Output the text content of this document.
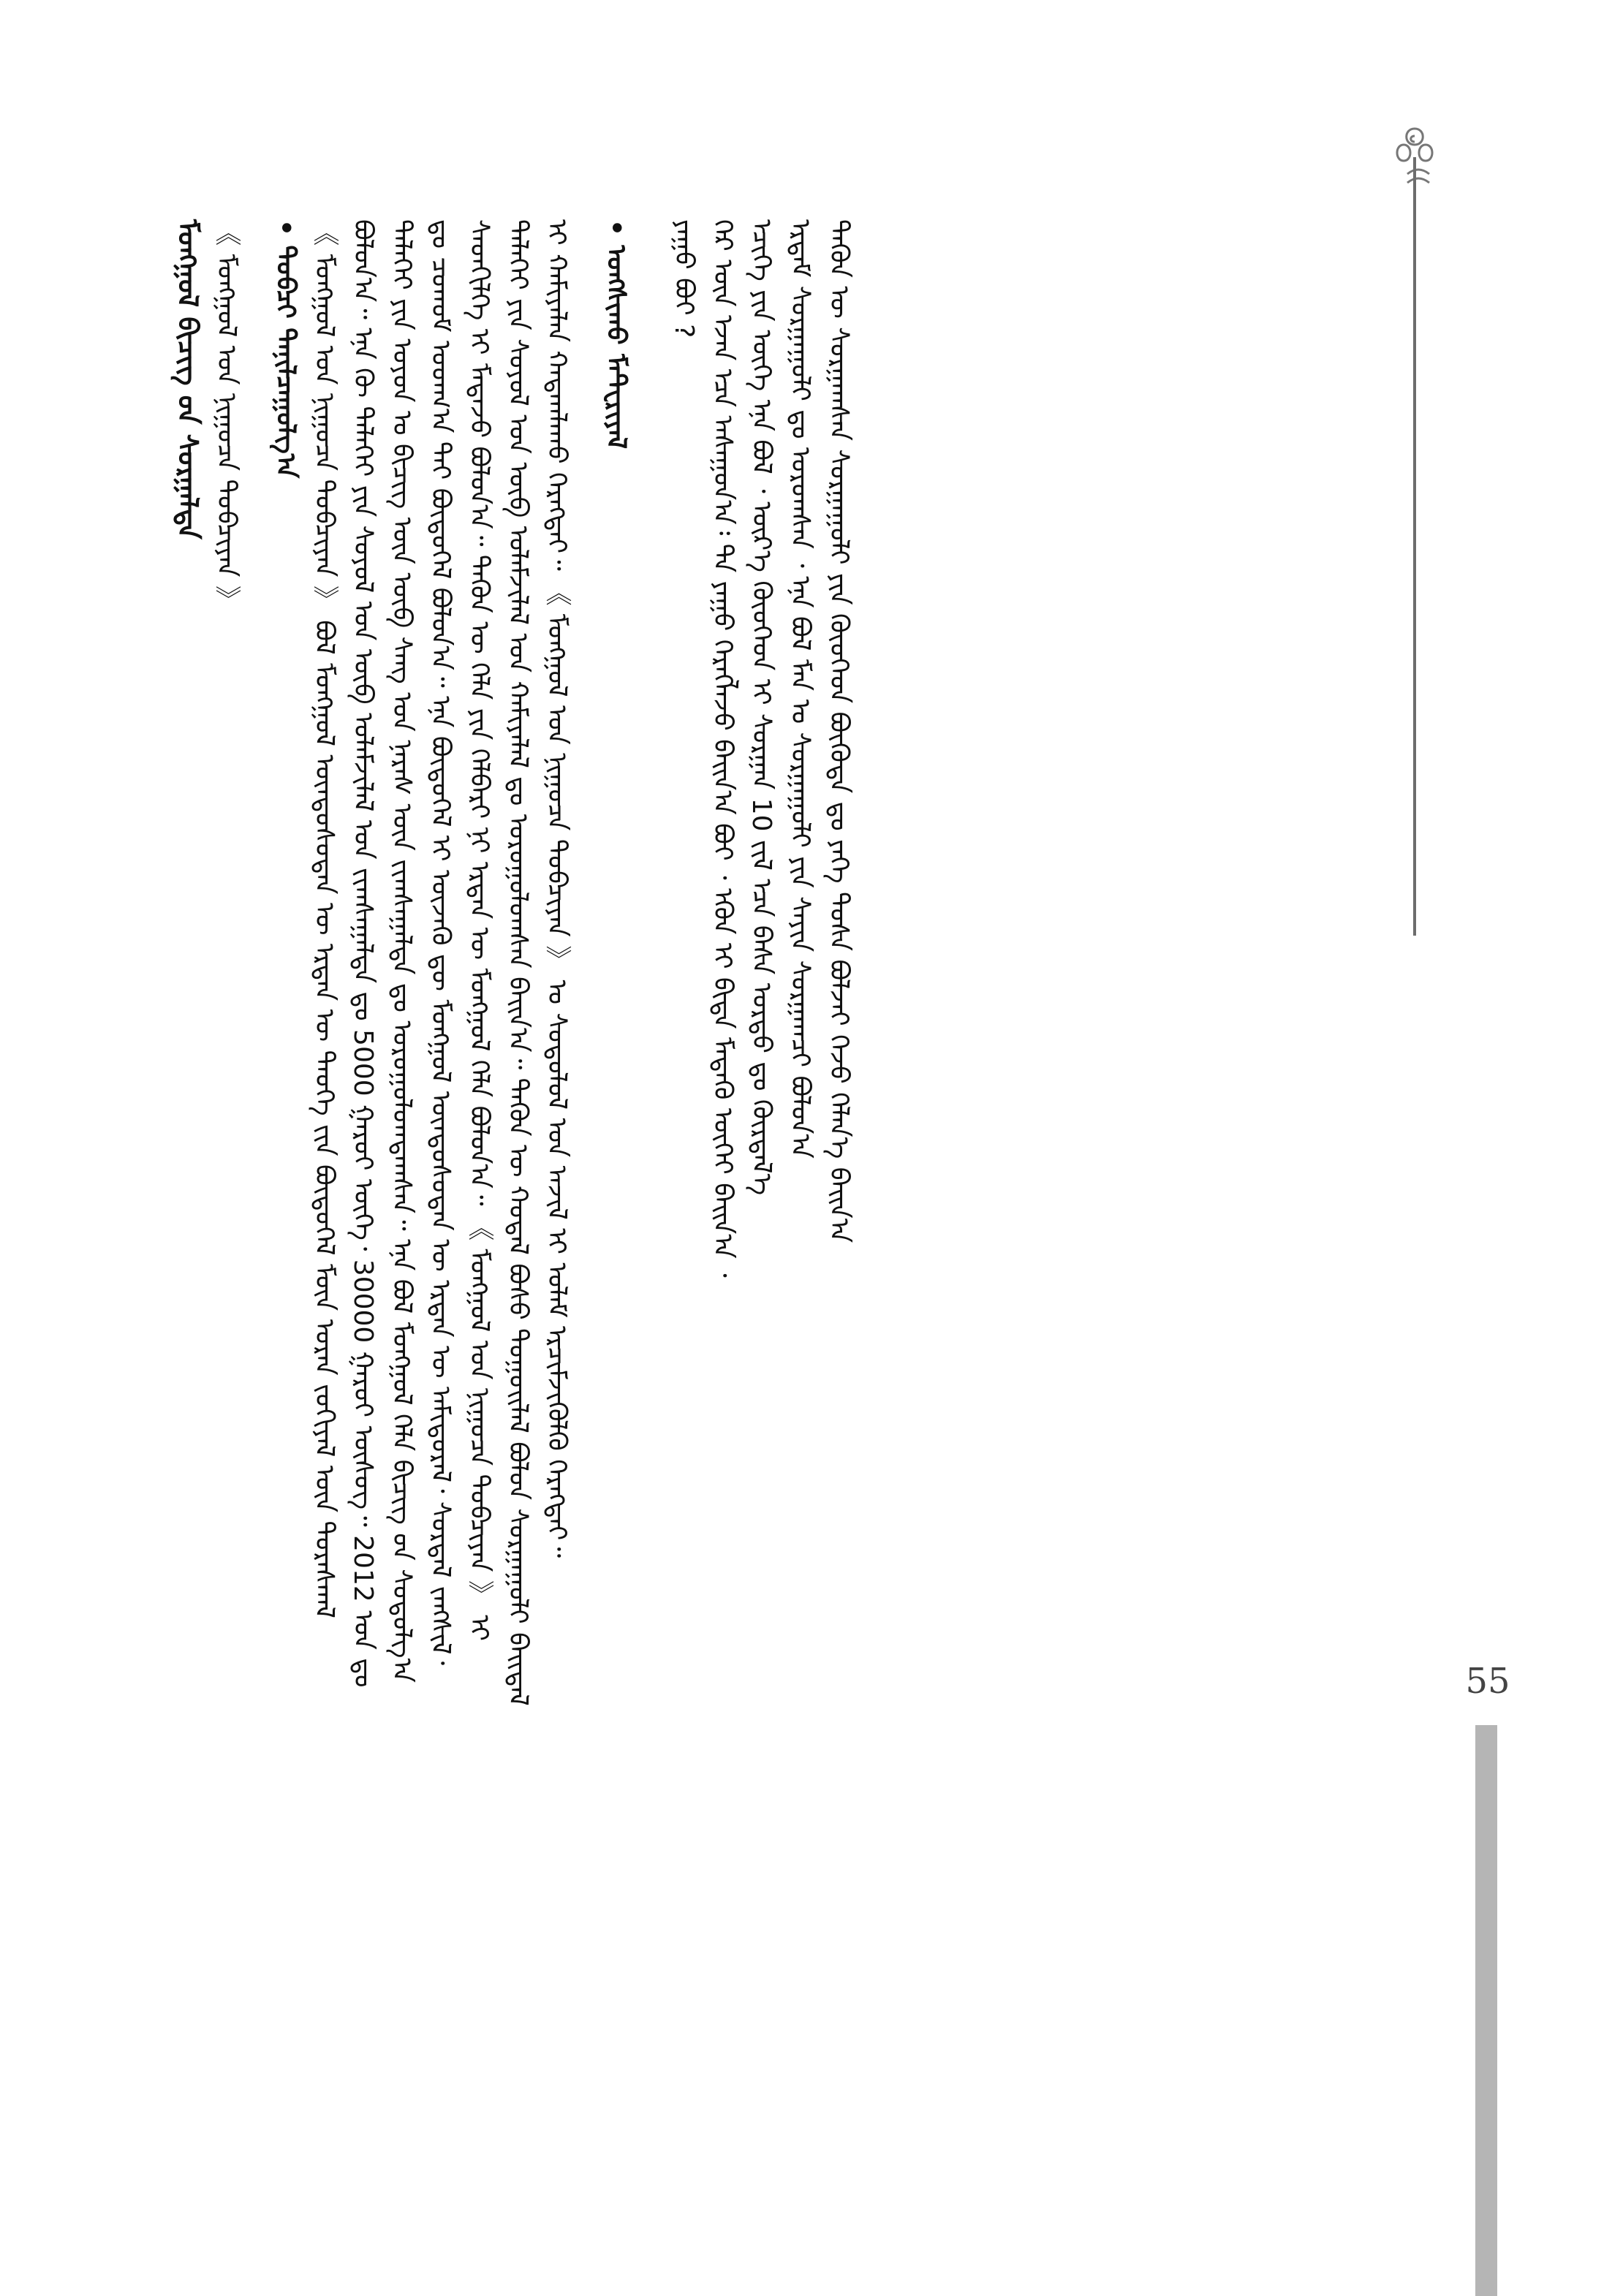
ᠮᠣᠩᠭᠣᠯ ᠪᠢᠴᠢᠭ᠌ ᠤ᠋ᠨ ᠰᠤᠷᠭᠠᠯᠲᠠ 《 ᠮᠣᠩᠭᠣᠯ ᠤᠨ ᠨᠢᠭᠤᠴᠠ ᠲᠣᠪᠴᠢᠶᠠᠨ 》 • ᠲᠣᠪᠴᠢ ᠲᠠᠨᠢᠯᠴᠠᠭᠤᠯᠭ᠎ᠠ 《 ᠮᠣᠩᠭᠣᠯ ᠤᠨ ᠨᠢᠭᠤᠴᠠ ᠲᠣᠪᠴᠢᠶᠠᠨ 》 ᠪᠣᠯ ᠮᠣᠩᠭᠣᠯ ᠦᠨᠳᠦᠰᠦᠲᠡᠨ ᠦ ᠡᠷᠲᠡᠨ ᠦ ᠲᠡᠦᠬᠡ ᠵᠢᠨ ᠪᠦᠲᠦᠭᠡᠯ ᠮᠥᠨ ᠤᠷᠠᠨ ᠵᠣᠬᠢᠶᠠᠯ ᠦᠨ ᠳᠤᠷᠠᠰᠬᠠᠯ ᠪᠣᠯᠤᠨ᠎ᠠ᠃ ᠡᠨᠡ ᠬᠦ ᠳᠡᠯᠡᠬᠡᠢ ᠶᠢᠨ ᠰᠣᠶᠣᠯ ᠤᠨ ᠥᠪ ᠤᠯᠠᠮᠵᠢᠯᠠᠯ ᠤᠨ ᠵᠢᠭᠰᠠᠭᠠᠯᠲᠠ ᠳᠤ 5000 ᠭᠠᠷᠤᠢ ᠦᠭᠡ᠂ 30000 ᠭᠠᠷᠤᠢ ᠦᠰᠦᠭ᠃ 2012 ᠣᠨ ᠳᠤ ᠳᠡᠯᠡᠬᠡᠢ ᠶᠢᠨ ᠣᠶᠤᠨ ᠤ ᠪᠢᠴᠢᠭ ᠦᠨ ᠦᠪ ᠰᠠᠩ ᠤᠨ ᠨᠡᠷᠡᠰ ᠦᠨ ᠵᠢᠭᠰᠠᠭᠠᠯᠲᠠ ᠳᠤ ᠣᠷᠤᠭᠤᠯᠤᠭᠳᠠᠭᠰᠠᠨ᠃ ᠡᠨᠡ ᠪᠣᠯ ᠮᠣᠩᠭᠣᠯ ᠬᠡᠯᠡ ᠪᠢᠴᠢᠭ᠌ ᠤ᠋ᠨ ᠰᠤᠳᠤᠯᠭ᠎ᠠ ᠳᠤ ᠴᠤᠬᠤᠮ ᠤᠳᠬ᠎ᠠ ᠲᠠᠢ ᠪᠦᠲᠦᠭᠡᠯ ᠪᠣᠯᠤᠨ᠎ᠠ᠃ ᠡᠨᠡ ᠪᠦᠲᠦᠭᠡᠯ ᠢ ᠦᠵᠡᠬᠦ ᠳᠦ ᠮᠣᠩᠭᠣᠯ ᠦᠨᠳᠦᠰᠦᠲᠡᠨ ᠦ ᠡᠷᠲᠡᠨ ᠦ ᠠᠮᠢᠳᠤᠷᠠᠯ᠂ ᠰᠤᠷᠲᠠᠯ ᠵᠠᠩᠱᠢᠯ᠂ ᠰᠡᠳᠬᠢᠯᠭᠡ ᠢ ᠮᠡᠳᠡᠵᠦ ᠪᠣᠯᠤᠨ᠎ᠠ᠃ ᠲᠡᠭᠦᠨ ᠦ ᠬᠡᠯᠡ ᠶᠢᠨ ᠬᠡᠯᠪᠡᠷᠢ ᠨᠢ ᠡᠷᠲᠡᠨ ᠦ ᠮᠣᠩᠭᠣᠯ ᠬᠡᠯᠡ ᠪᠣᠯᠤᠨ᠎ᠠ᠃ 《 ᠮᠣᠩᠭᠣᠯ ᠤᠨ ᠨᠢᠭᠤᠴᠠ ᠲᠣᠪᠴᠢᠶᠠᠨ 》 ᠢ ᠳᠡᠯᠡᠬᠡᠢ ᠶᠢᠨ ᠰᠣᠶᠣᠯ ᠤᠨ ᠥᠪ ᠤᠯᠠᠮᠵᠢᠯᠠᠯ ᠤᠨ ᠬᠠᠮᠢᠶᠠᠯᠠᠯ ᠳᠤ ᠣᠷᠤᠭᠤᠯᠤᠭᠰᠠᠨ ᠪᠠᠢᠨ᠎ᠠ᠃ ᠲᠡᠭᠦᠨ ᠦ ᠬᠤᠳᠠᠯ ᠪᠤᠰᠤ ᠳᠤᠭᠤᠢᠯᠠᠯ ᠪᠣᠯᠤᠨ ᠰᠤᠷᠭᠠᠭᠤᠯᠢ ᠪᠠᠢᠳᠠᠯ ᠢ ᠬᠠᠮᠢᠶᠠᠯᠠᠨ ᠬᠠᠳᠠᠭᠯᠠᠬᠤ ᠬᠡᠷᠡᠭᠲᠡᠢ᠃ 《 ᠮᠣᠩᠭᠣᠯ ᠤᠨ ᠨᠢᠭᠤᠴᠠ ᠲᠣᠪᠴᠢᠶᠠᠨ 》 ᠤ ᠰᠣᠳᠤᠯᠤᠯ ᠤᠨ ᠠᠵᠢᠯ ᠢ ᠤᠯᠠᠮ ᠡᠷᠴᠢᠮᠵᠢᠭᠦᠯᠬᠦ ᠬᠡᠷᠡᠭᠲᠡᠢ᠃ • ᠤᠩᠰᠢᠬᠤ ᠮᠠᠲ᠋ᠧᠷᠢᠶᠠᠯ ᠶᠠᠭᠤ ᠪᠤᠢ ? ᠭᠡᠷ ᠦᠨ ᠡᠵᠡᠨ ᠡᠴᠡ ᠠᠰᠠᠭᠤᠨ᠎ᠠ᠄ ᠲᠠ ᠶᠠᠭᠤ ᠬᠡᠷᠡᠭᠯᠡᠵᠦ ᠪᠠᠢᠨ᠎ᠠ ᠪᠤᠢ ᠂ ᠡᠭᠦᠨ ᠢ ᠪᠢᠳᠡ ᠮᠡᠳᠡᠬᠦ ᠦᠭᠡᠢ ᠪᠠᠢᠨ᠎ᠠ ᠂ ᠡᠴᠢᠭᠡ ᠶᠢᠨ ᠦᠭᠡ ᠡᠨᠡ ᠪᠣᠯ ᠂ ᠦᠷ᠎ᠡ ᠬᠦᠦᠬᠡᠳ ᠢ ᠰᠤᠷᠭᠠᠨ 10 ᠵᠢᠯ ᠡᠴᠡ ᠪᠠᠰᠠ ᠤᠷᠲᠤ ᠳᠤ ᠬᠦᠷᠲᠡᠯ᠎ᠡ ᠡᠷᠳᠡᠮ ᠰᠤᠷᠭᠠᠭᠤᠯᠢ ᠳᠤ ᠣᠷᠤᠭᠰᠠᠨ ᠂ ᠡᠨᠡ ᠪᠣᠯ ᠮᠠᠨ ᠤ ᠰᠤᠷᠭᠠᠭᠤᠯᠢ ᠶᠢᠨ ᠰᠠᠶᠢᠨ ᠰᠤᠷᠭᠠᠭᠴᠢ ᠪᠣᠯᠤᠨ᠎ᠠ ᠲᠡᠭᠦᠨ ᠦ ᠰᠤᠷᠭᠠᠭᠰᠠᠨ ᠰᠤᠷᠭᠠᠭᠤᠯᠢ ᠶᠢᠨ ᠬᠦᠦᠬᠡᠳ ᠪᠦᠭᠦᠳᠡ ᠳᠤ ᠶᠡᠬᠡ ᠲᠤᠰᠠ ᠪᠣᠯᠵᠠᠢ ᠭᠡᠵᠦ ᠬᠡᠯᠡᠨ᠎ᠡ ᠪᠠᠢᠨ᠎ᠠ

55
